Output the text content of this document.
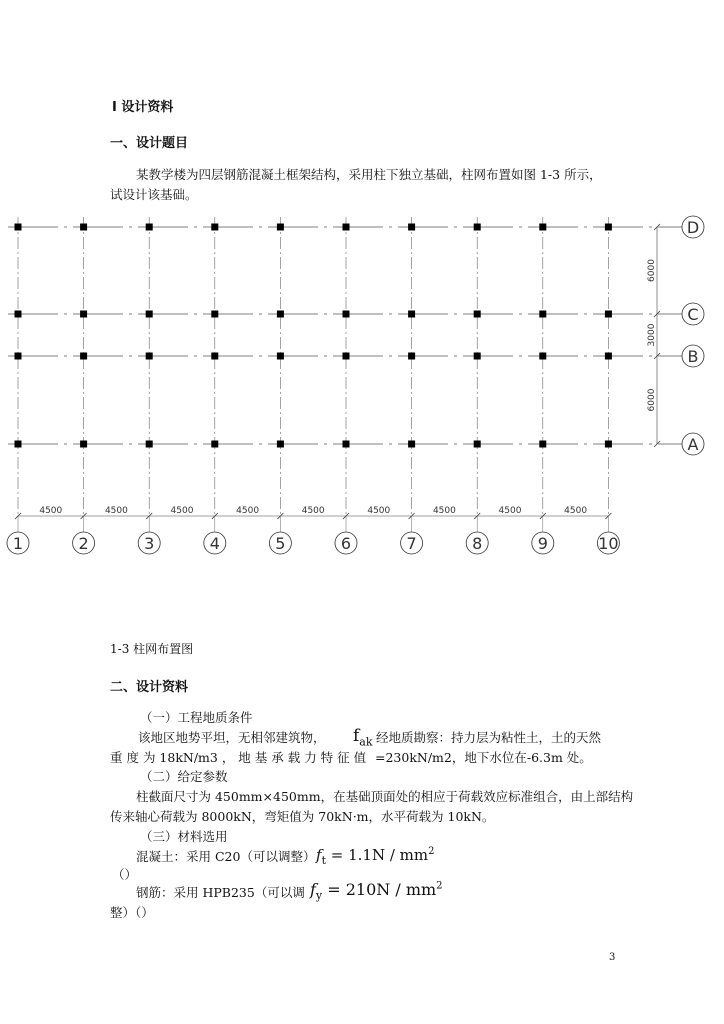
Ⅰ 设计资料
一、设计题目
某教学楼为四层钢筋混凝土框架结构，采用柱下独立基础，柱网布置如图 1-3 所示，
试设计该基础。
4500	4500	4500	4500	4500	4500	4500	4500	4500
1	2	3	4	5	6	7	8	9	10
6000
3000
6000
D
C
B
A
1-3 柱网布置图
二、设计资料
（一）工程地质条件
该地区地势平坦，无相邻建筑物， $f_{ak}$ 经地质勘察：持力层为粘性土，土的天然
重 度 为 18kN/m3 ， 地 基 承 载 力 特 征 值 =230kN/m2，地下水位在-6.3m 处。
（二）给定参数
柱截面尺寸为 450mm×450mm，在基础顶面处的相应于荷载效应标准组合，由上部结构
传来轴心荷载为 8000kN，弯矩值为 70kN·m，水平荷载为 10kN。
（三）材料选用
混凝土：采用 C20（可以调整） $f_t = 1.1N / mm^2$
（）
钢筋：采用 HPB235（可以调 $f_y = 210N / mm^2$
整）（）
3
